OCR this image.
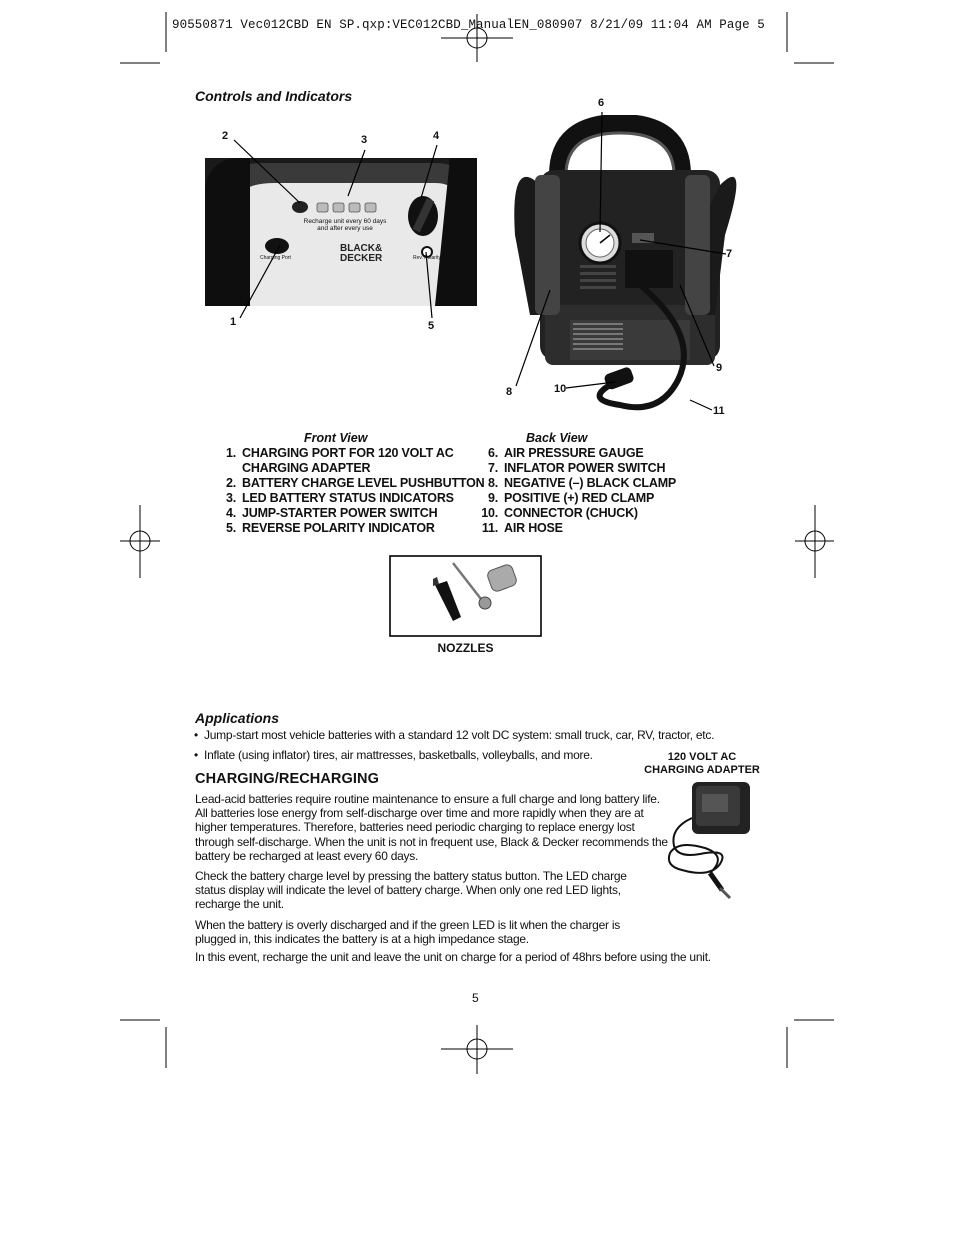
90550871 Vec012CBD EN SP.qxp:VEC012CBD_ManualEN_080907 8/21/09 11:04 AM Page 5
Controls and Indicators
Recharge unit every 60 days
and after every use
Charging Port	Rev. Polarity
BLACK&
DECKER
2	3	4
1	5
6
7
8
9
10
11
Front View
1. CHARGING PORT FOR 120 VOLT AC
CHARGING ADAPTER
2. BATTERY CHARGE LEVEL PUSHBUTTON
3. LED BATTERY STATUS INDICATORS
4. JUMP-STARTER POWER SWITCH
5. REVERSE POLARITY INDICATOR
Back View
6. AIR PRESSURE GAUGE
7. INFLATOR POWER SWITCH
8. NEGATIVE (–) BLACK CLAMP
9. POSITIVE (+) RED CLAMP
10. CONNECTOR (CHUCK)
11. AIR HOSE
NOZZLES
Applications
• Jump-start most vehicle batteries with a standard 12 volt DC system: small truck, car, RV, tractor, etc.
• Inflate (using inflator) tires, air mattresses, basketballs, volleyballs, and more.	120 VOLT AC
CHARGING ADAPTER
CHARGING/RECHARGING

Lead-acid batteries require routine maintenance to ensure a full charge and long battery life.
All batteries lose energy from self-discharge over time and more rapidly when they are at
higher temperatures. Therefore, batteries need periodic charging to replace energy lost
through self-discharge. When the unit is not in frequent use, Black & Decker recommends the
battery be recharged at least every 60 days.

Check the battery charge level by pressing the battery status button. The LED charge
status display will indicate the level of battery charge. When only one red LED lights,
recharge the unit.

When the battery is overly discharged and if the green LED is lit when the charger is
plugged in, this indicates the battery is at a high impedance stage.

In this event, recharge the unit and leave the unit on charge for a period of 48hrs before using the unit.
5
